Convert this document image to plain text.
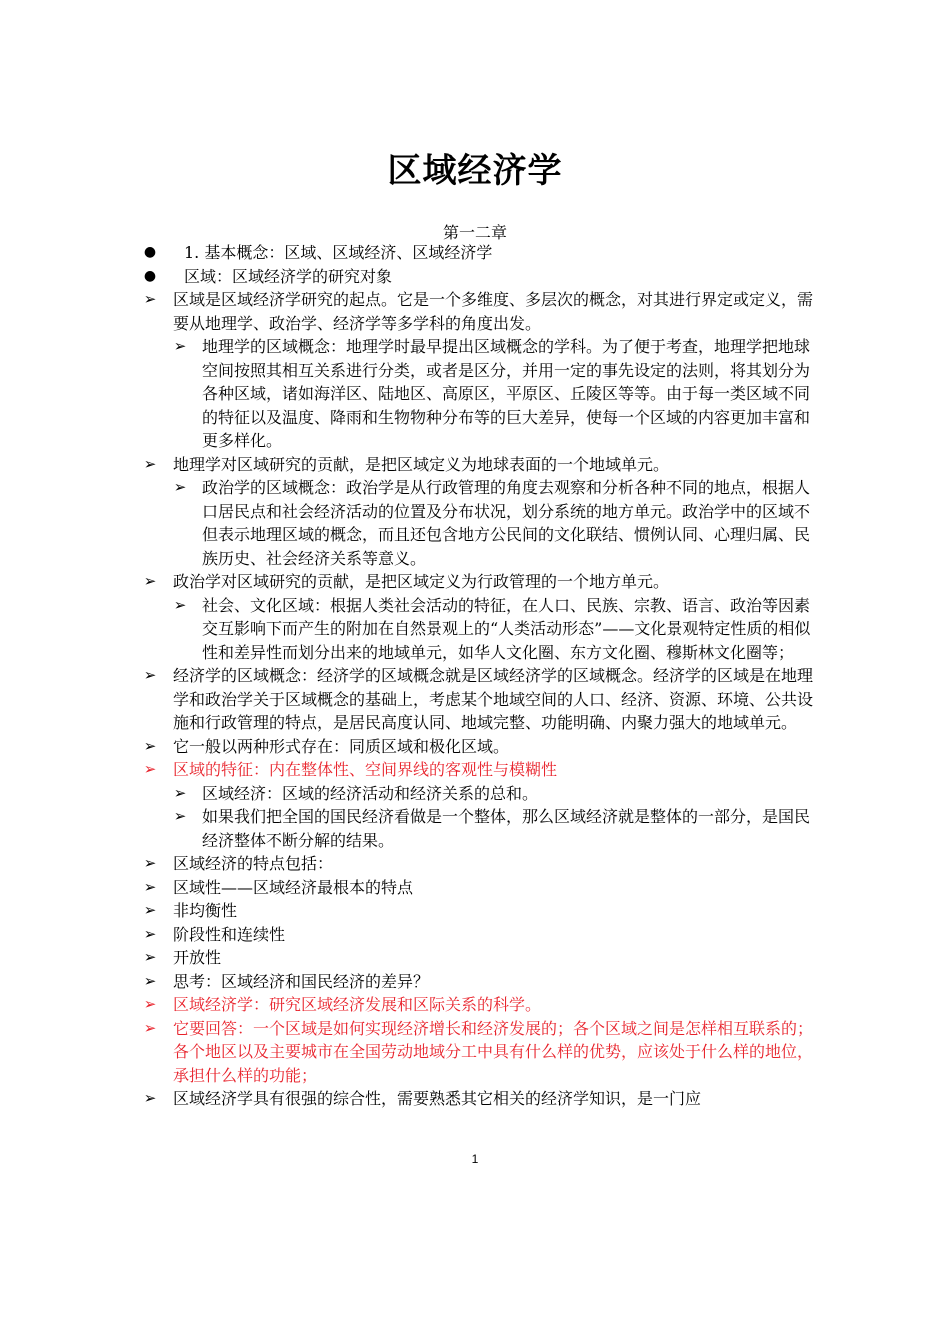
区域经济学
第一二章
● 1. 基本概念：区域、区域经济、区域经济学
● 区域：区域经济学的研究对象
➢ 区域是区域经济学研究的起点。它是一个多维度、多层次的概念，对其进行界定或定义，需要从地理学、政治学、经济学等多学科的角度出发。
➢ 地理学的区域概念：地理学时最早提出区域概念的学科。为了便于考查，地理学把地球空间按照其相互关系进行分类，或者是区分，并用一定的事先设定的法则，将其划分为各种区域，诸如海洋区、陆地区、高原区，平原区、丘陵区等等。由于每一类区域不同的特征以及温度、降雨和生物物种分布等的巨大差异，使每一个区域的内容更加丰富和更多样化。
➢ 地理学对区域研究的贡献，是把区域定义为地球表面的一个地域单元。
➢ 政治学的区域概念：政治学是从行政管理的角度去观察和分析各种不同的地点，根据人口居民点和社会经济活动的位置及分布状况，划分系统的地方单元。政治学中的区域不但表示地理区域的概念，而且还包含地方公民间的文化联结、惯例认同、心理归属、民族历史、社会经济关系等意义。
➢ 政治学对区域研究的贡献，是把区域定义为行政管理的一个地方单元。
➢ 社会、文化区域：根据人类社会活动的特征，在人口、民族、宗教、语言、政治等因素交互影响下而产生的附加在自然景观上的“人类活动形态”——文化景观特定性质的相似性和差异性而划分出来的地域单元，如华人文化圈、东方文化圈、穆斯林文化圈等；
➢ 经济学的区域概念：经济学的区域概念就是区域经济学的区域概念。经济学的区域是在地理学和政治学关于区域概念的基础上，考虑某个地域空间的人口、经济、资源、环境、公共设施和行政管理的特点，是居民高度认同、地域完整、功能明确、内聚力强大的地域单元。
➢ 它一般以两种形式存在：同质区域和极化区域。
➢ 区域的特征：内在整体性、空间界线的客观性与模糊性
➢ 区域经济：区域的经济活动和经济关系的总和。
➢ 如果我们把全国的国民经济看做是一个整体，那么区域经济就是整体的一部分，是国民经济整体不断分解的结果。
➢ 区域经济的特点包括：
➢ 区域性——区域经济最根本的特点
➢ 非均衡性
➢ 阶段性和连续性
➢ 开放性
➢ 思考：区域经济和国民经济的差异？
➢ 区域经济学：研究区域经济发展和区际关系的科学。
➢ 它要回答：一个区域是如何实现经济增长和经济发展的；各个区域之间是怎样相互联系的；各个地区以及主要城市在全国劳动地域分工中具有什么样的优势，应该处于什么样的地位，承担什么样的功能；
➢ 区域经济学具有很强的综合性，需要熟悉其它相关的经济学知识，是一门应
1
